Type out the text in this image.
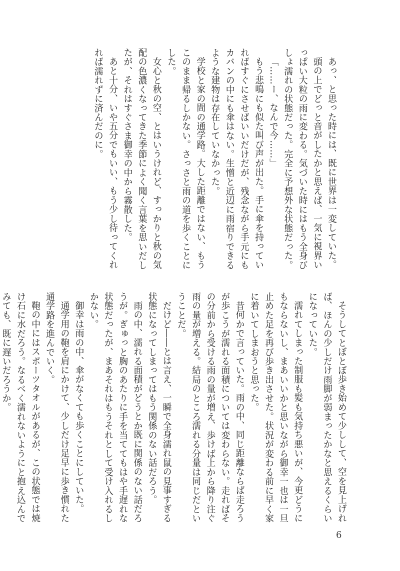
あっ、と思った時には、既に世界は一変していた。

頭の上でどっと音がしたかと思えば、一気に視界いっぱい大粒の雨に変わる。気づいた時にはもう全身びしょ濡れの状態だった。完全に予想外な状態だった。

「……ー、なんで今……」

もう悲鳴にも似た叫び声が出た。手に傘を持っていればすぐにさせばいいだけだが、残念ながら手元にもカバンの中にも傘はない。生憎と近辺に雨宿りできるような建物は存在していなかった。

学校と家の間の通学路。大した距離ではない、もうこのまま帰るしかない。さっさと雨の道を歩くことにした。

女心と秋の空、とはいうけれど、すっかりと秋の気配の色濃くなってきた季節によく聞く言葉を思いだしたが、それはすぐさま御幸の中から霧散した。

あと十分、いや五分でもいい、もう少し待ってくれれば濡れずに済んだのに。

そうしてとぼとぼ歩き始めて少しして、空を見上げれば、ほんの少しだけ雨脚が弱まったかなと思えるくらいになっていた。

濡れてしまった制服も髪も気持ち悪いが、今更どうにもならないし、まあいいかと思いながら御幸一也は一旦止めた足を再び歩き出させた。状況が変わる前に早く家に着いてしまおうと思った。

昔何かで言っていた。雨の中、同じ距離ならば走ろうが歩こうが濡れる面積については変わらない。走ればその分前から受ける雨の量が増え、歩けば上から降り注ぐ雨の量が増える。結局のところ濡れる分量は同じだということだ。

だけど――とは言え、一瞬で全身濡れ鼠の見事すぎる状態になってしまってはもう関係のない話だろう。

雨の中、濡れる面積がどうとか既に関係のない話だろうが。ぎゅっと胸のあたりに手を当ててもはや手遅れな状態だったが、まあそれはもうそれとして受け入れるしかない。

御幸は雨の中、傘がなくても歩くことにしていた。

通学用の鞄を肩にかけて、少しだけ足早に歩き慣れた通学路を進んでいく。

鞄の中にはスポーツタオルがあるが、この状態では焼け石に水だろう。なるべく濡れないようにと抱え込んでみても、既に遅いだろうか。

6
